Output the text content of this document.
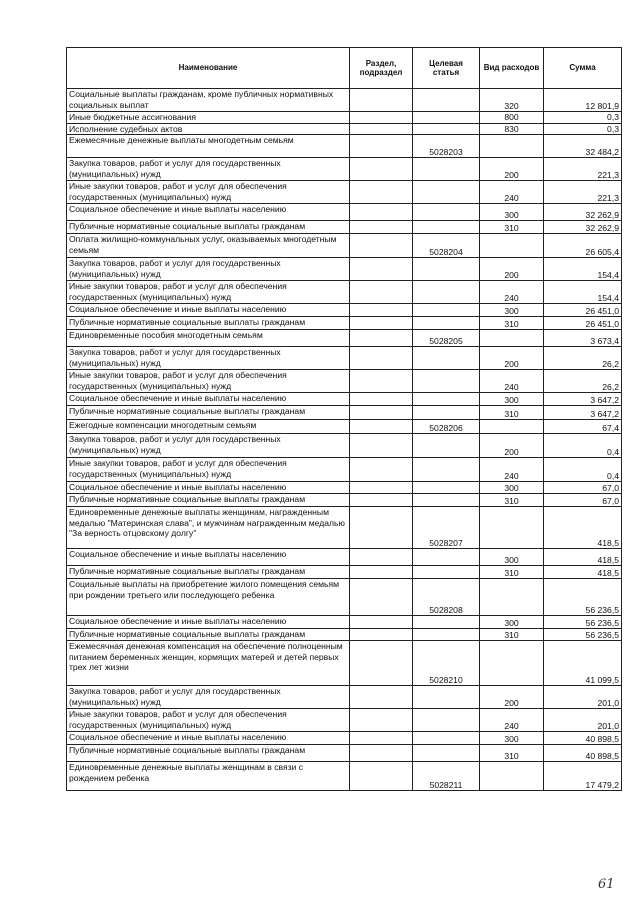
Наименование	Раздел, подраздел	Целевая статья	Вид расходов	Сумма
Социальные выплаты гражданам, кроме публичных нормативных социальных выплат			320	12 801,9
Иные бюджетные ассигнования			800	0,3
Исполнение судебных актов			830	0,3
Ежемесячные денежные выплаты многодетным семьям		5028203		32 484,2
Закупка товаров, работ и услуг для государственных (муниципальных) нужд			200	221,3
Иные закупки товаров, работ и услуг для обеспечения государственных (муниципальных) нужд			240	221,3
Социальное обеспечение и иные выплаты населению			300	32 262,9
Публичные нормативные социальные выплаты гражданам			310	32 262,9
Оплата жилищно-коммунальных услуг, оказываемых многодетным семьям		5028204		26 605,4
Закупка товаров, работ и услуг для государственных (муниципальных) нужд			200	154,4
Иные закупки товаров, работ и услуг для обеспечения государственных (муниципальных) нужд			240	154,4
Социальное обеспечение и иные выплаты населению			300	26 451,0
Публичные нормативные социальные выплаты гражданам			310	26 451,0
Единовременные пособия многодетным семьям		5028205		3 673,4
Закупка товаров, работ и услуг для государственных (муниципальных) нужд			200	26,2
Иные закупки товаров, работ и услуг для обеспечения государственных (муниципальных) нужд			240	26,2
Социальное обеспечение и иные выплаты населению			300	3 647,2
Публичные нормативные социальные выплаты гражданам			310	3 647,2
Ежегодные компенсации многодетным семьям		5028206		67,4
Закупка товаров, работ и услуг для государственных (муниципальных) нужд			200	0,4
Иные закупки товаров, работ и услуг для обеспечения государственных (муниципальных) нужд			240	0,4
Социальное обеспечение и иные выплаты населению			300	67,0
Публичные нормативные социальные выплаты гражданам			310	67,0
Единовременные денежные выплаты женщинам, награжденным медалью "Материнская слава", и мужчинам награжденным медалью "За верность отцовскому долгу"		5028207		418,5
Социальное обеспечение и иные выплаты населению			300	418,5
Публичные нормативные социальные выплаты гражданам			310	418,5
Социальные выплаты на приобретение жилого помещения семьям при рождении третьего или последующего ребенка		5028208		56 236,5
Социальное обеспечение и иные выплаты населению			300	56 236,5
Публичные нормативные социальные выплаты гражданам			310	56 236,5
Ежемесячная денежная компенсация на обеспечение полноценным питанием беременных женщин, кормящих матерей и детей первых трех лет жизни		5028210		41 099,5
Закупка товаров, работ и услуг для государственных (муниципальных) нужд			200	201,0
Иные закупки товаров, работ и услуг для обеспечения государственных (муниципальных) нужд			240	201,0
Социальное обеспечение и иные выплаты населению			300	40 898,5
Публичные нормативные социальные выплаты гражданам			310	40 898,5
Единовременные денежные выплаты женщинам в связи с рождением ребенка		5028211		17 479,2
61
